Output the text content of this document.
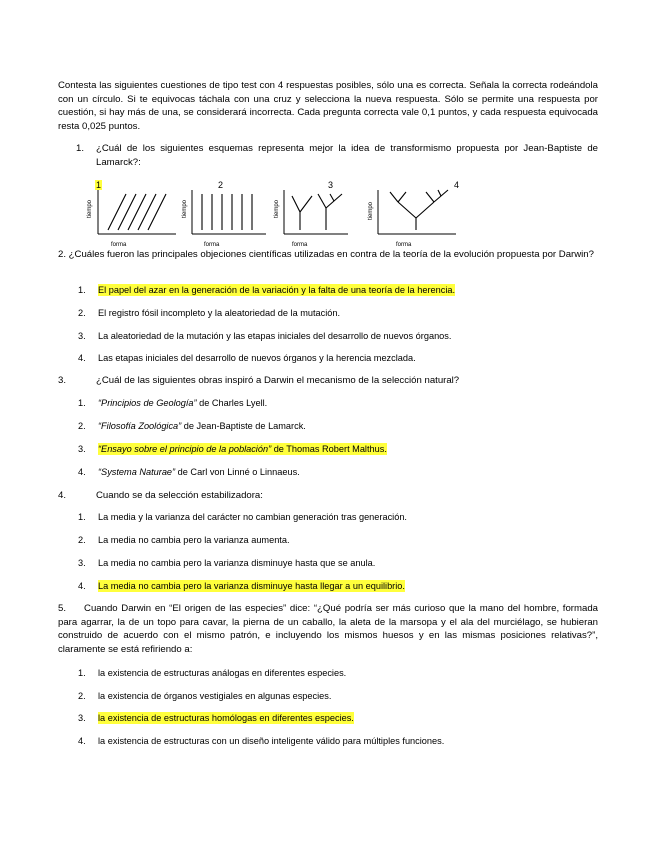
Contesta las siguientes cuestiones de tipo test con 4 respuestas posibles, sólo una es correcta. Señala la correcta rodeándola con un círculo. Si te equivocas táchala con una cruz y selecciona la nueva respuesta. Sólo se permite una respuesta por cuestión, si hay más de una, se considerará incorrecta. Cada pregunta correcta vale 0,1 puntos, y cada respuesta equivocada resta 0,025 puntos.
1. ¿Cuál de los siguientes esquemas representa mejor la idea de transformismo propuesta por Jean-Baptiste de Lamarck?:
1
tiempo
forma
2
tiempo
forma
3
tiempo
forma
4
tiempo
forma
2. ¿Cuáles fueron las principales objeciones científicas utilizadas en contra de la teoría de la evolución propuesta por Darwin?
1. El papel del azar en la generación de la variación y la falta de una teoría de la herencia.
2. El registro fósil incompleto y la aleatoriedad de la mutación.
3. La aleatoriedad de la mutación y las etapas iniciales del desarrollo de nuevos órganos.
4. Las etapas iniciales del desarrollo de nuevos órganos y la herencia mezclada.
3.	¿Cuál de las siguientes obras inspiró a Darwin el mecanismo de la selección natural?
1. “Principios de Geología” de Charles Lyell.
2. “Filosofía Zoológica” de Jean-Baptiste de Lamarck.
3. “Ensayo sobre el principio de la población” de Thomas Robert Malthus.
4. “Systema Naturae” de Carl von Linné o Linnaeus.
4.	Cuando se da selección estabilizadora:
1. La media y la varianza del carácter no cambian generación tras generación.
2. La media no cambia pero la varianza aumenta.
3. La media no cambia pero la varianza disminuye hasta que se anula.
4. La media no cambia pero la varianza disminuye hasta llegar a un equilibrio.
5. Cuando Darwin en “El origen de las especies” dice: “¿Qué podría ser más curioso que la mano del hombre, formada para agarrar, la de un topo para cavar, la pierna de un caballo, la aleta de la marsopa y el ala del murciélago, se hubieran construido de acuerdo con el mismo patrón, e incluyendo los mismos huesos y en las mismas posiciones relativas?”, claramente se está refiriendo a:
1. la existencia de estructuras análogas en diferentes especies.
2. la existencia de órganos vestigiales en algunas especies.
3. la existencia de estructuras homólogas en diferentes especies.
4. la existencia de estructuras con un diseño inteligente válido para múltiples funciones.
